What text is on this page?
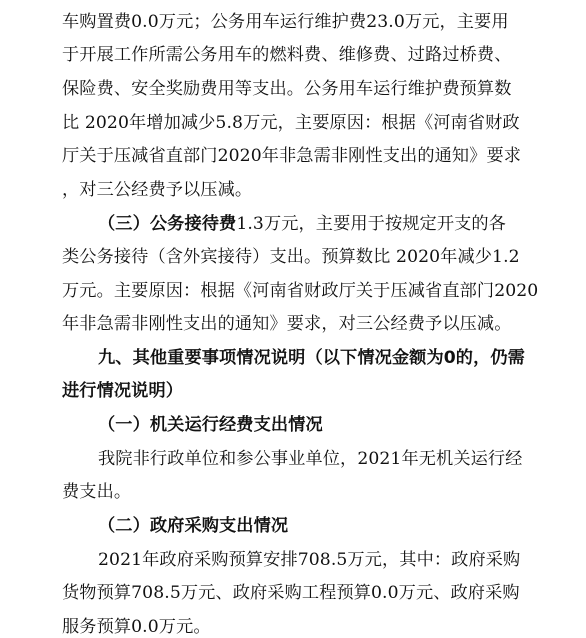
车购置费0.0万元；公务用车运行维护费23.0万元，主要用
于开展工作所需公务用车的燃料费、维修费、过路过桥费、
保险费、安全奖励费用等支出。公务用车运行维护费预算数
比 2020年增加减少5.8万元，主要原因：根据《河南省财政
厅关于压减省直部门2020年非急需非刚性支出的通知》要求
，对三公经费予以压减。
（三）公务接待费1.3万元，主要用于按规定开支的各
类公务接待（含外宾接待）支出。预算数比 2020年减少1.2
万元。主要原因：根据《河南省财政厅关于压减省直部门2020
年非急需非刚性支出的通知》要求，对三公经费予以压减。
九、其他重要事项情况说明（以下情况金额为0的，仍需
进行情况说明）
（一）机关运行经费支出情况
我院非行政单位和参公事业单位，2021年无机关运行经
费支出。
（二）政府采购支出情况
2021年政府采购预算安排708.5万元，其中：政府采购
货物预算708.5万元、政府采购工程预算0.0万元、政府采购
服务预算0.0万元。
